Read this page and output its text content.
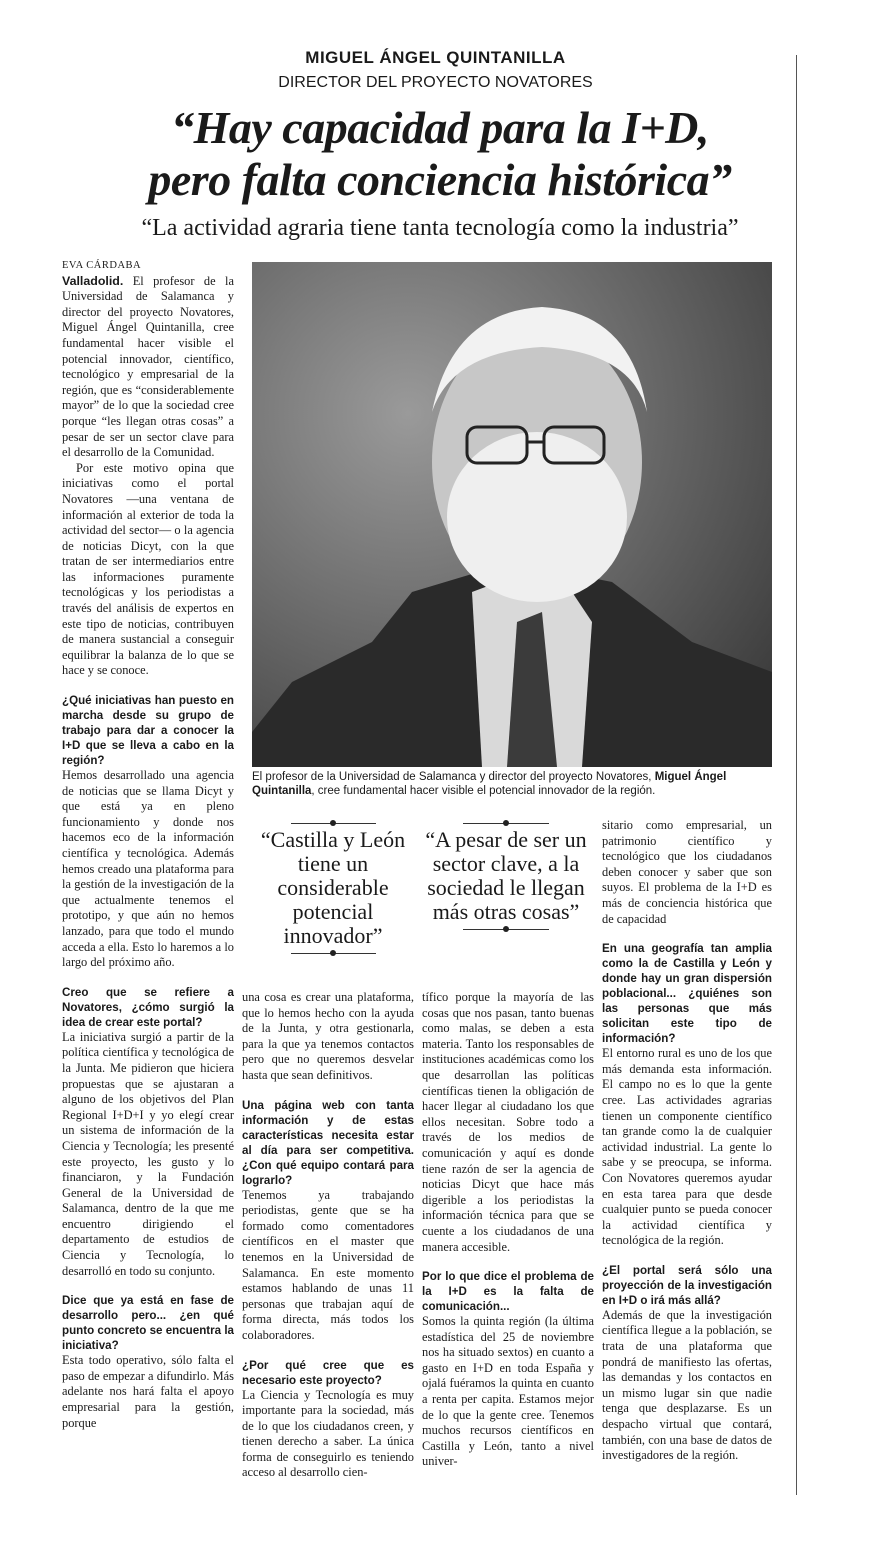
MIGUEL ÁNGEL QUINTANILLA
DIRECTOR DEL PROYECTO NOVATORES
“Hay capacidad para la I+D,
pero falta conciencia histórica”
“La actividad agraria tiene tanta tecnología como la industria”
EVA CÁRDABA

Valladolid. El profesor de la Universidad de Salamanca y director del proyecto Novatores, Miguel Ángel Quintanilla, cree fundamental hacer visible el potencial innovador, científico, tecnológico y empresarial de la región, que es “considerablemente mayor” de lo que la sociedad cree porque “les llegan otras cosas” a pesar de ser un sector clave para el desarrollo de la Comunidad.

Por este motivo opina que iniciativas como el portal Novatores —una ventana de información al exterior de toda la actividad del sector— o la agencia de noticias Dicyt, con la que tratan de ser intermediarios entre las informaciones puramente tecnológicas y los periodistas a través del análisis de expertos en este tipo de noticias, contribuyen de manera sustancial a conseguir equilibrar la balanza de lo que se hace y se conoce.

¿Qué iniciativas han puesto en marcha desde su grupo de trabajo para dar a conocer la I+D que se lleva a cabo en la región?

Hemos desarrollado una agencia de noticias que se llama Dicyt y que está ya en pleno funcionamiento y donde nos hacemos eco de la información científica y tecnológica. Además hemos creado una plataforma para la gestión de la investigación de la que actualmente tenemos el prototipo, y que aún no hemos lanzado, para que todo el mundo acceda a ella. Esto lo haremos a lo largo del próximo año.

Creo que se refiere a Novatores, ¿cómo surgió la idea de crear este portal?

La iniciativa surgió a partir de la política científica y tecnológica de la Junta. Me pidieron que hiciera propuestas que se ajustaran a alguno de los objetivos del Plan Regional I+D+I y yo elegí crear un sistema de información de la Ciencia y Tecnología; les presenté este proyecto, les gusto y lo financiaron, y la Fundación General de la Universidad de Salamanca, dentro de la que me encuentro dirigiendo el departamento de estudios de Ciencia y Tecnología, lo desarrolló en todo su conjunto.

Dice que ya está en fase de desarrollo pero... ¿en qué punto concreto se encuentra la iniciativa?

Esta todo operativo, sólo falta el paso de empezar a difundirlo. Más adelante nos hará falta el apoyo empresarial para la gestión, porque

El profesor de la Universidad de Salamanca y director del proyecto Novatores, Miguel Ángel Quintanilla, cree fundamental hacer visible el potencial innovador de la región.
“Castilla y León tiene un considerable potencial innovador”
“A pesar de ser un sector clave, a la sociedad le llegan más otras cosas”

una cosa es crear una plataforma, que lo hemos hecho con la ayuda de la Junta, y otra gestionarla, para la que ya tenemos contactos pero que no queremos desvelar hasta que sean definitivos.

Una página web con tanta información y de estas características necesita estar al día para ser competitiva. ¿Con qué equipo contará para lograrlo?

Tenemos ya trabajando periodistas, gente que se ha formado como comentadores científicos en el master que tenemos en la Universidad de Salamanca. En este momento estamos hablando de unas 11 personas que trabajan aquí de forma directa, más todos los colaboradores.

¿Por qué cree que es necesario este proyecto?

La Ciencia y Tecnología es muy importante para la sociedad, más de lo que los ciudadanos creen, y tienen derecho a saber. La única forma de conseguirlo es teniendo acceso al desarrollo cien-

tífico porque la mayoría de las cosas que nos pasan, tanto buenas como malas, se deben a esta materia. Tanto los responsables de instituciones académicas como los que desarrollan las políticas científicas tienen la obligación de hacer llegar al ciudadano los que ellos necesitan. Sobre todo a través de los medios de comunicación y aquí es donde tiene razón de ser la agencia de noticias Dicyt que hace más digerible a los periodistas la información técnica para que se cuente a los ciudadanos de una manera accesible.

Por lo que dice el problema de la I+D es la falta de comunicación...

Somos la quinta región (la última estadística del 25 de noviembre nos ha situado sextos) en cuanto a gasto en I+D en toda España y ojalá fuéramos la quinta en cuanto a renta per capita. Estamos mejor de lo que la gente cree. Tenemos muchos recursos científicos en Castilla y León, tanto a nivel univer-

sitario como empresarial, un patrimonio científico y tecnológico que los ciudadanos deben conocer y saber que son suyos. El problema de la I+D es más de conciencia histórica que de capacidad

En una geografía tan amplia como la de Castilla y León y donde hay un gran dispersión poblacional... ¿quiénes son las personas que más solicitan este tipo de información?

El entorno rural es uno de los que más demanda esta información. El campo no es lo que la gente cree. Las actividades agrarias tienen un componente científico tan grande como la de cualquier actividad industrial. La gente lo sabe y se preocupa, se informa. Con Novatores queremos ayudar en esta tarea para que desde cualquier punto se pueda conocer la actividad científica y tecnológica de la región.

¿El portal será sólo una proyección de la investigación en I+D o irá más allá?

Además de que la investigación científica llegue a la población, se trata de una plataforma que pondrá de manifiesto las ofertas, las demandas y los contactos en un mismo lugar sin que nadie tenga que desplazarse. Es un despacho virtual que contará, también, con una base de datos de investigadores de la región.
